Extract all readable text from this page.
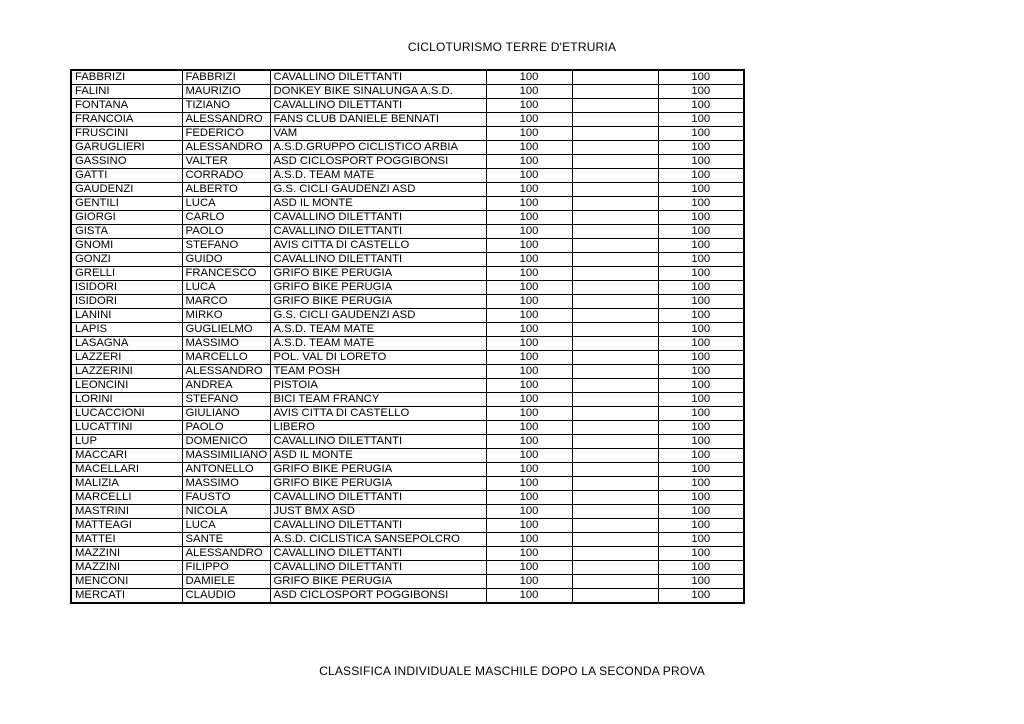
CICLOTURISMO TERRE D'ETRURIA
FABBRIZI	FABBRIZI	CAVALLINO DILETTANTI	100		100
FALINI	MAURIZIO	DONKEY BIKE SINALUNGA A.S.D.	100		100
FONTANA	TIZIANO	CAVALLINO DILETTANTI	100		100
FRANCOIA	ALESSANDRO	FANS CLUB DANIELE BENNATI	100		100
FRUSCINI	FEDERICO	VAM	100		100
GARUGLIERI	ALESSANDRO	A.S.D.GRUPPO CICLISTICO ARBIA	100		100
GASSINO	VALTER	ASD CICLOSPORT POGGIBONSI	100		100
GATTI	CORRADO	A.S.D. TEAM MATE	100		100
GAUDENZI	ALBERTO	G.S. CICLI GAUDENZI ASD	100		100
GENTILI	LUCA	ASD IL MONTE	100		100
GIORGI	CARLO	CAVALLINO DILETTANTI	100		100
GISTA	PAOLO	CAVALLINO DILETTANTI	100		100
GNOMI	STEFANO	AVIS CITTA DI CASTELLO	100		100
GONZI	GUIDO	CAVALLINO DILETTANTI	100		100
GRELLI	FRANCESCO	GRIFO BIKE PERUGIA	100		100
ISIDORI	LUCA	GRIFO BIKE PERUGIA	100		100
ISIDORI	MARCO	GRIFO BIKE PERUGIA	100		100
LANINI	MIRKO	G.S. CICLI GAUDENZI ASD	100		100
LAPIS	GUGLIELMO	A.S.D. TEAM MATE	100		100
LASAGNA	MASSIMO	A.S.D. TEAM MATE	100		100
LAZZERI	MARCELLO	POL. VAL DI LORETO	100		100
LAZZERINI	ALESSANDRO	TEAM POSH	100		100
LEONCINI	ANDREA	PISTOIA	100		100
LORINI	STEFANO	BICI TEAM FRANCY	100		100
LUCACCIONI	GIULIANO	AVIS CITTA DI CASTELLO	100		100
LUCATTINI	PAOLO	LIBERO	100		100
LUP	DOMENICO	CAVALLINO DILETTANTI	100		100
MACCARI	MASSIMILIANO	ASD IL MONTE	100		100
MACELLARI	ANTONELLO	GRIFO BIKE PERUGIA	100		100
MALIZIA	MASSIMO	GRIFO BIKE PERUGIA	100		100
MARCELLI	FAUSTO	CAVALLINO DILETTANTI	100		100
MASTRINI	NICOLA	JUST BMX ASD	100		100
MATTEAGI	LUCA	CAVALLINO DILETTANTI	100		100
MATTEI	SANTE	A.S.D. CICLISTICA SANSEPOLCRO	100		100
MAZZINI	ALESSANDRO	CAVALLINO DILETTANTI	100		100
MAZZINI	FILIPPO	CAVALLINO DILETTANTI	100		100
MENCONI	DAMIELE	GRIFO BIKE PERUGIA	100		100
MERCATI	CLAUDIO	ASD CICLOSPORT POGGIBONSI	100		100
CLASSIFICA INDIVIDUALE MASCHILE DOPO LA SECONDA PROVA
